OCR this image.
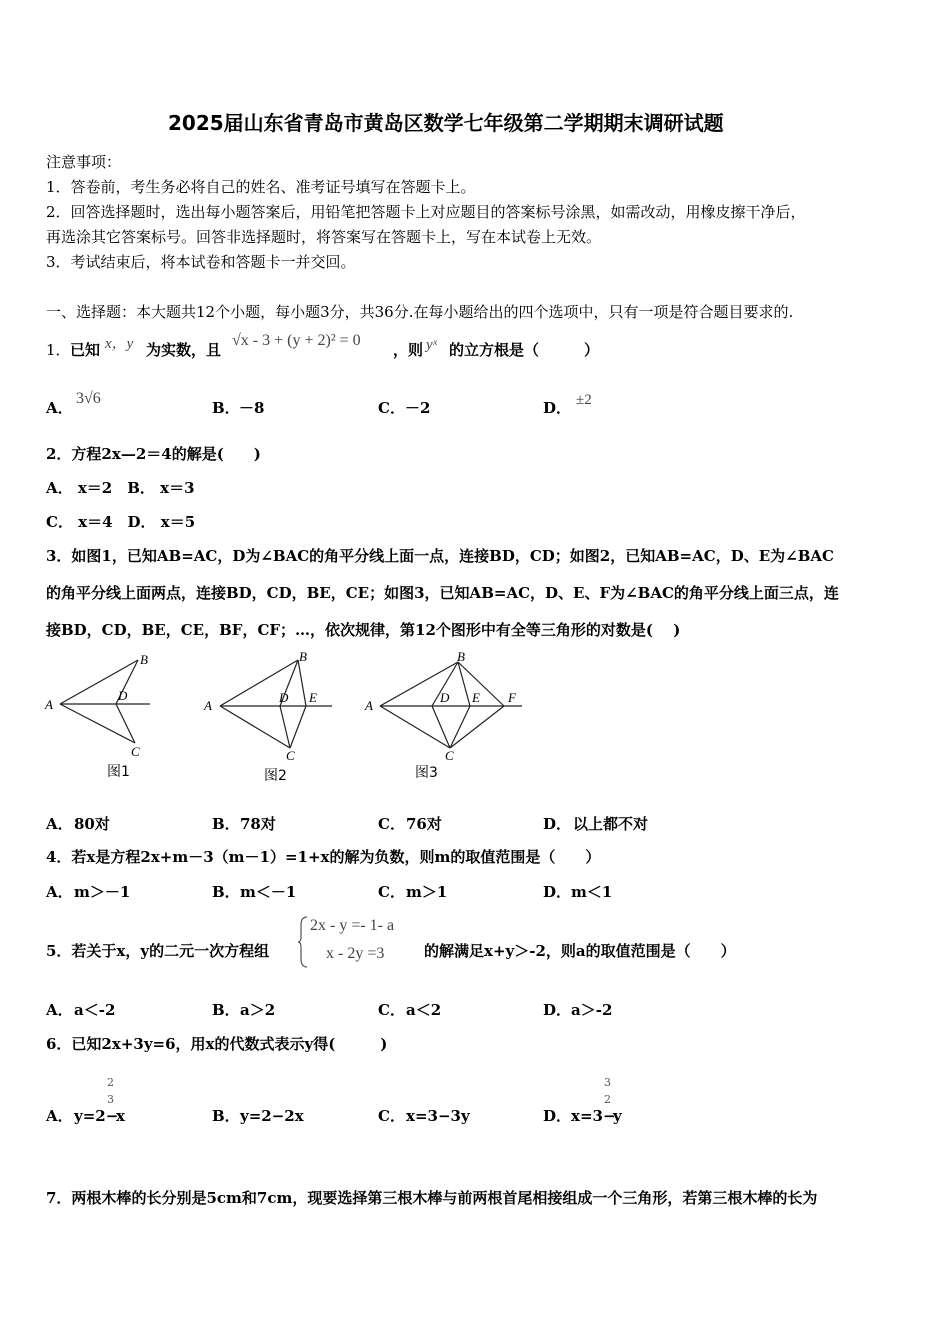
2025届山东省青岛市黄岛区数学七年级第二学期期末调研试题
注意事项：
1．答卷前，考生务必将自己的姓名、准考证号填写在答题卡上。
2．回答选择题时，选出每小题答案后，用铅笔把答题卡上对应题目的答案标号涂黑，如需改动，用橡皮擦干净后，
再选涂其它答案标号。回答非选择题时，将答案写在答题卡上，写在本试卷上无效。
3．考试结束后，将本试卷和答题卡一并交回。
一、选择题：本大题共12个小题，每小题3分，共36分.在每小题给出的四个选项中，只有一项是符合题目要求的.
1． 已知 x，y 为实数，且
√x - 3 + (y + 2)² = 0
，则 yˣ 的立方根是（　　　）
A．
3√6
B． －8	C． －2	D． ±2
2．方程2x—2＝4的解是(　　)
A． x＝2　B． x＝3
C． x＝4　D． x＝5
3．如图1，已知AB=AC，D为∠BAC的角平分线上面一点，连接BD，CD；如图2，已知AB=AC，D、E为∠BAC
的角平分线上面两点，连接BD，CD，BE，CE；如图3，已知AB=AC，D、E、F为∠BAC的角平分线上面三点，连
接BD，CD，BE，CE，BF，CF；…，依次规律，第12个图形中有全等三角形的对数是(　 )
A
B
C
D
图1
A
B
C
D E
图2
A
B
C
D E F
图3
A． 80对	B． 78对	C． 76对	D． 以上都不对
4．若x是方程2x+m－3（m－1）=1+x的解为负数，则m的取值范围是（　　）
A． m＞－1	B． m＜－1	C． m＞1	D． m＜1
5．若关于x，y的二元一次方程组
2x - y =- 1- a
x - 2y =3	的解满足x+y＞-2，则a的取值范围是（　　）
A． a＜-2	B． a＞2	C． a＜2	D． a＞-2
6．已知2x+3y=6，用x的代数式表示y得(　　　)
2
3
3
2
A． y=2−
x	B． y=2−2x	C． x=3−3y	D． x=3−
y
7．两根木棒的长分别是5cm和7cm，现要选择第三根木棒与前两根首尾相接组成一个三角形，若第三根木棒的长为
